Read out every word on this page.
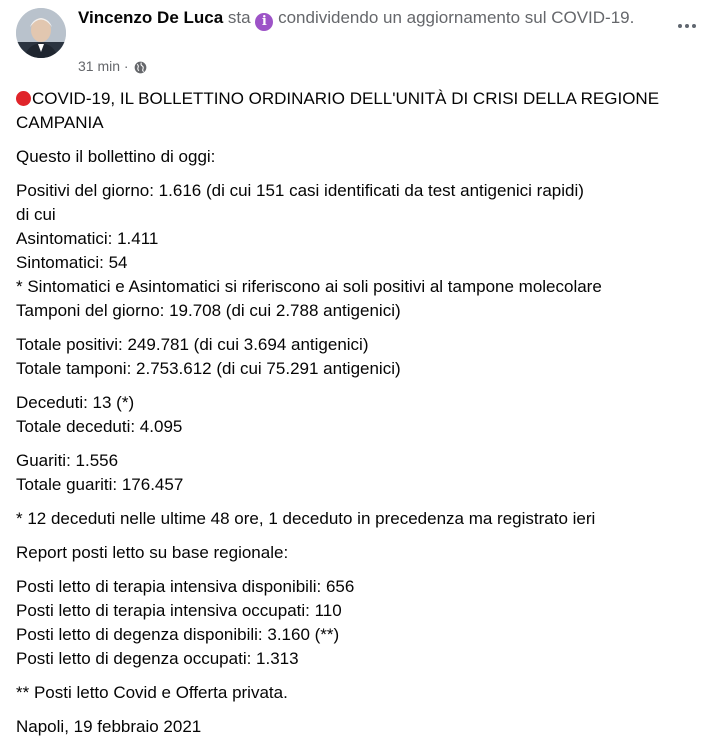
Vincenzo De Luca sta i condividendo un aggiornamento sul COVID-19.
31 min ·

COVID-19, IL BOLLETTINO ORDINARIO DELL'UNITÀ DI CRISI DELLA REGIONE CAMPANIA

Questo il bollettino di oggi:

Positivi del giorno: 1.616 (di cui 151 casi identificati da test antigenici rapidi)
di cui
Asintomatici: 1.411
Sintomatici: 54
* Sintomatici e Asintomatici si riferiscono ai soli positivi al tampone molecolare
Tamponi del giorno: 19.708 (di cui 2.788 antigenici)

Totale positivi: 249.781 (di cui 3.694 antigenici)
Totale tamponi: 2.753.612 (di cui 75.291 antigenici)

Deceduti: 13 (*)
Totale deceduti: 4.095

Guariti: 1.556
Totale guariti: 176.457

* 12 deceduti nelle ultime 48 ore, 1 deceduto in precedenza ma registrato ieri

Report posti letto su base regionale:

Posti letto di terapia intensiva disponibili: 656
Posti letto di terapia intensiva occupati: 110
Posti letto di degenza disponibili: 3.160 (**)
Posti letto di degenza occupati: 1.313

** Posti letto Covid e Offerta privata.

Napoli, 19 febbraio 2021
